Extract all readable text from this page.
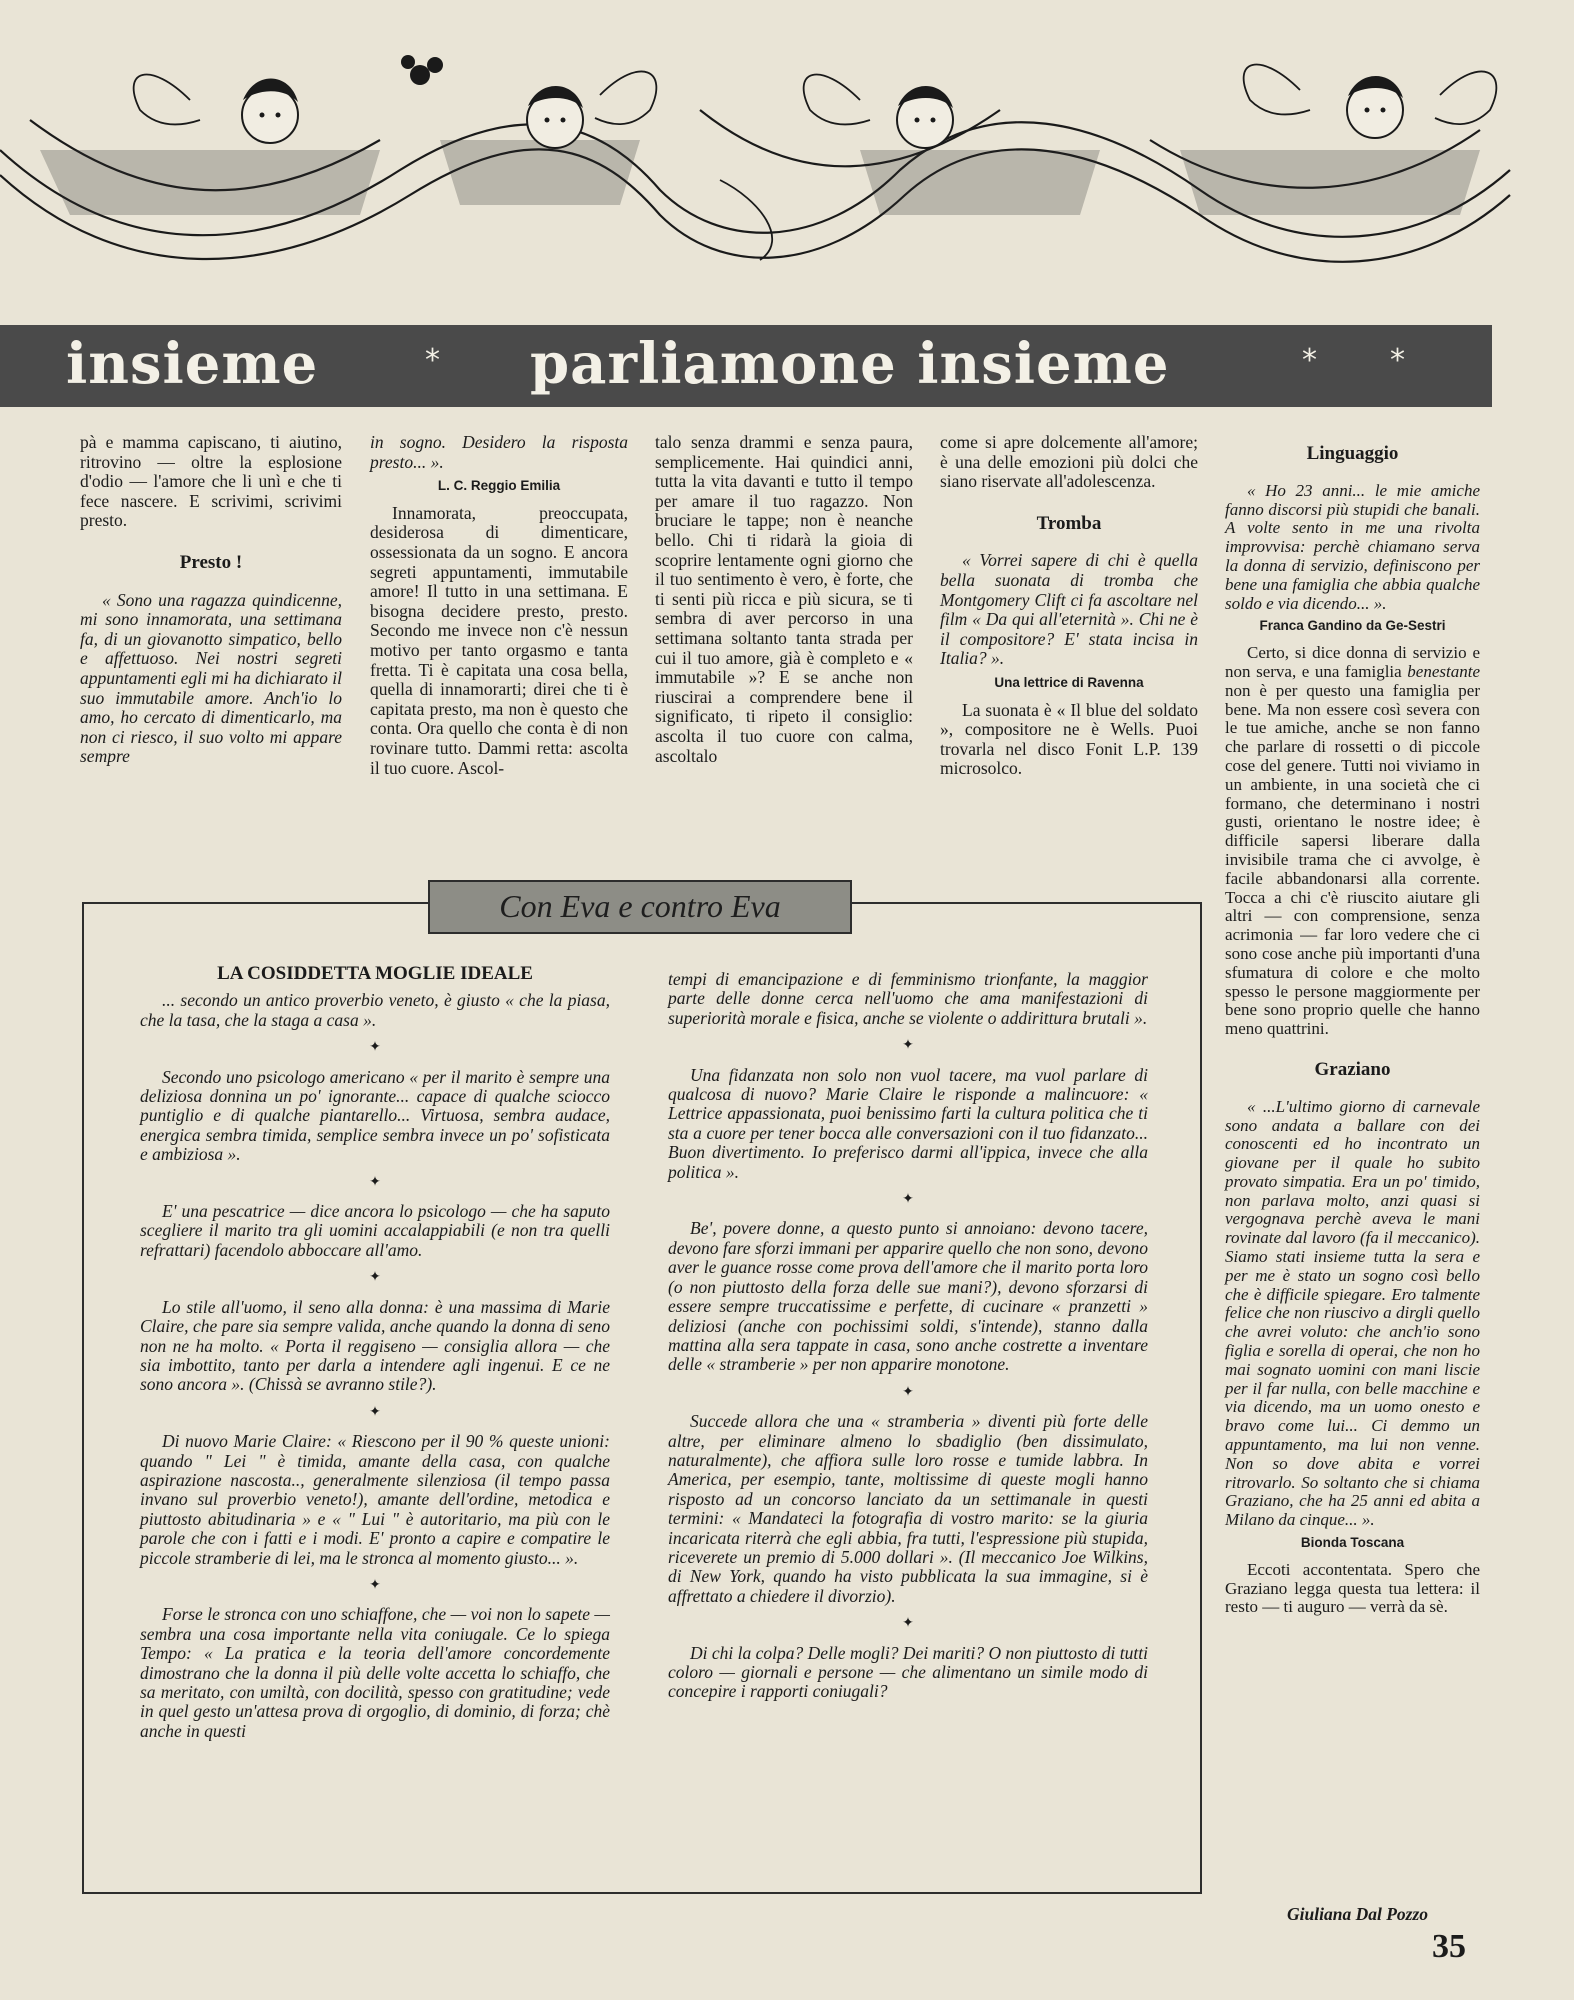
insieme	* parliamone insieme	* *

pà e mamma capiscano, ti aiutino, ritrovino — oltre la esplosione d'odio — l'amore che li unì e che ti fece nascere. E scrivimi, scrivimi presto.

Presto !

« Sono una ragazza quindicenne, mi sono innamorata, una settimana fa, di un giovanotto simpatico, bello e affettuoso. Nei nostri segreti appuntamenti egli mi ha dichiarato il suo immutabile amore. Anch'io lo amo, ho cercato di dimenticarlo, ma non ci riesco, il suo volto mi appare sempre

in sogno. Desidero la risposta presto... ».

L. C. Reggio Emilia

Innamorata, preoccupata, desiderosa di dimenticare, ossessionata da un sogno. E ancora segreti appuntamenti, immutabile amore! Il tutto in una settimana. E bisogna decidere presto, presto. Secondo me invece non c'è nessun motivo per tanto orgasmo e tanta fretta. Ti è capitata una cosa bella, quella di innamorarti; direi che ti è capitata presto, ma non è questo che conta. Ora quello che conta è di non rovinare tutto. Dammi retta: ascolta il tuo cuore. Ascol-

talo senza drammi e senza paura, semplicemente. Hai quindici anni, tutta la vita davanti e tutto il tempo per amare il tuo ragazzo. Non bruciare le tappe; non è neanche bello. Chi ti ridarà la gioia di scoprire lentamente ogni giorno che il tuo sentimento è vero, è forte, che ti senti più ricca e più sicura, se ti sembra di aver percorso in una settimana soltanto tanta strada per cui il tuo amore, già è completo e « immutabile »? E se anche non riuscirai a comprendere bene il significato, ti ripeto il consiglio: ascolta il tuo cuore con calma, ascoltalo

come si apre dolcemente all'amore; è una delle emozioni più dolci che siano riservate all'adolescenza.

Tromba

« Vorrei sapere di chi è quella bella suonata di tromba che Montgomery Clift ci fa ascoltare nel film « Da qui all'eternità ». Chi ne è il compositore? E' stata incisa in Italia? ».

Una lettrice di Ravenna

La suonata è « Il blue del soldato », compositore ne è Wells. Puoi trovarla nel disco Fonit L.P. 139 microsolco.

Linguaggio

« Ho 23 anni... le mie amiche fanno discorsi più stupidi che banali. A volte sento in me una rivolta improvvisa: perchè chiamano serva la donna di servizio, definiscono per bene una famiglia che abbia qualche soldo e via dicendo... ».

Franca Gandino da Ge-Sestri

Certo, si dice donna di servizio e non serva, e una famiglia benestante non è per questo una famiglia per bene. Ma non essere così severa con le tue amiche, anche se non fanno che parlare di rossetti o di piccole cose del genere. Tutti noi viviamo in un ambiente, in una società che ci formano, che determinano i nostri gusti, orientano le nostre idee; è difficile sapersi liberare dalla invisibile trama che ci avvolge, è facile abbandonarsi alla corrente. Tocca a chi c'è riuscito aiutare gli altri — con comprensione, senza acrimonia — far loro vedere che ci sono cose anche più importanti d'una sfumatura di colore e che molto spesso le persone maggiormente per bene sono proprio quelle che hanno meno quattrini.

Graziano

« ...L'ultimo giorno di carnevale sono andata a ballare con dei conoscenti ed ho incontrato un giovane per il quale ho subito provato simpatia. Era un po' timido, non parlava molto, anzi quasi si vergognava perchè aveva le mani rovinate dal lavoro (fa il meccanico). Siamo stati insieme tutta la sera e per me è stato un sogno così bello che è difficile spiegare. Ero talmente felice che non riuscivo a dirgli quello che avrei voluto: che anch'io sono figlia e sorella di operai, che non ho mai sognato uomini con mani liscie per il far nulla, con belle macchine e via dicendo, ma un uomo onesto e bravo come lui... Ci demmo un appuntamento, ma lui non venne. Non so dove abita e vorrei ritrovarlo. So soltanto che si chiama Graziano, che ha 25 anni ed abita a Milano da cinque... ».

Bionda Toscana

Eccoti accontentata. Spero che Graziano legga questa tua lettera: il resto — ti auguro — verrà da sè.

Con Eva e contro Eva
LA COSIDDETTA MOGLIE IDEALE

... secondo un antico proverbio veneto, è giusto « che la piasa, che la tasa, che la staga a casa ».

✦

Secondo uno psicologo americano « per il marito è sempre una deliziosa donnina un po' ignorante... capace di qualche sciocco puntiglio e di qualche piantarello... Virtuosa, sembra audace, energica sembra timida, semplice sembra invece un po' sofisticata e ambiziosa ».

✦

E' una pescatrice — dice ancora lo psicologo — che ha saputo scegliere il marito tra gli uomini accalappiabili (e non tra quelli refrattari) facendolo abboccare all'amo.

✦

Lo stile all'uomo, il seno alla donna: è una massima di Marie Claire, che pare sia sempre valida, anche quando la donna di seno non ne ha molto. « Porta il reggiseno — consiglia allora — che sia imbottito, tanto per darla a intendere agli ingenui. E ce ne sono ancora ». (Chissà se avranno stile?).

✦

Di nuovo Marie Claire: « Riescono per il 90 % queste unioni: quando " Lei " è timida, amante della casa, con qualche aspirazione nascosta.., generalmente silenziosa (il tempo passa invano sul proverbio veneto!), amante dell'ordine, metodica e piuttosto abitudinaria » e « " Lui " è autoritario, ma più con le parole che con i fatti e i modi. E' pronto a capire e compatire le piccole stramberie di lei, ma le stronca al momento giusto... ».

✦

Forse le stronca con uno schiaffone, che — voi non lo sapete — sembra una cosa importante nella vita coniugale. Ce lo spiega Tempo: « La pratica e la teoria dell'amore concordemente dimostrano che la donna il più delle volte accetta lo schiaffo, che sa meritato, con umiltà, con docilità, spesso con gratitudine; vede in quel gesto un'attesa prova di orgoglio, di dominio, di forza; chè anche in questi

tempi di emancipazione e di femminismo trionfante, la maggior parte delle donne cerca nell'uomo che ama manifestazioni di superiorità morale e fisica, anche se violente o addirittura brutali ».

✦

Una fidanzata non solo non vuol tacere, ma vuol parlare di qualcosa di nuovo? Marie Claire le risponde a malincuore: « Lettrice appassionata, puoi benissimo farti la cultura politica che ti sta a cuore per tener bocca alle conversazioni con il tuo fidanzato... Buon divertimento. Io preferisco darmi all'ippica, invece che alla politica ».

✦

Be', povere donne, a questo punto si annoiano: devono tacere, devono fare sforzi immani per apparire quello che non sono, devono aver le guance rosse come prova dell'amore che il marito porta loro (o non piuttosto della forza delle sue mani?), devono sforzarsi di essere sempre truccatissime e perfette, di cucinare « pranzetti » deliziosi (anche con pochissimi soldi, s'intende), stanno dalla mattina alla sera tappate in casa, sono anche costrette a inventare delle « stramberie » per non apparire monotone.

✦

Succede allora che una « stramberia » diventi più forte delle altre, per eliminare almeno lo sbadiglio (ben dissimulato, naturalmente), che affiora sulle loro rosse e tumide labbra. In America, per esempio, tante, moltissime di queste mogli hanno risposto ad un concorso lanciato da un settimanale in questi termini: « Mandateci la fotografia di vostro marito: se la giuria incaricata riterrà che egli abbia, fra tutti, l'espressione più stupida, riceverete un premio di 5.000 dollari ». (Il meccanico Joe Wilkins, di New York, quando ha visto pubblicata la sua immagine, si è affrettato a chiedere il divorzio).

✦

Di chi la colpa? Delle mogli? Dei mariti? O non piuttosto di tutti coloro — giornali e persone — che alimentano un simile modo di concepire i rapporti coniugali?

Giuliana Dal Pozzo
35
